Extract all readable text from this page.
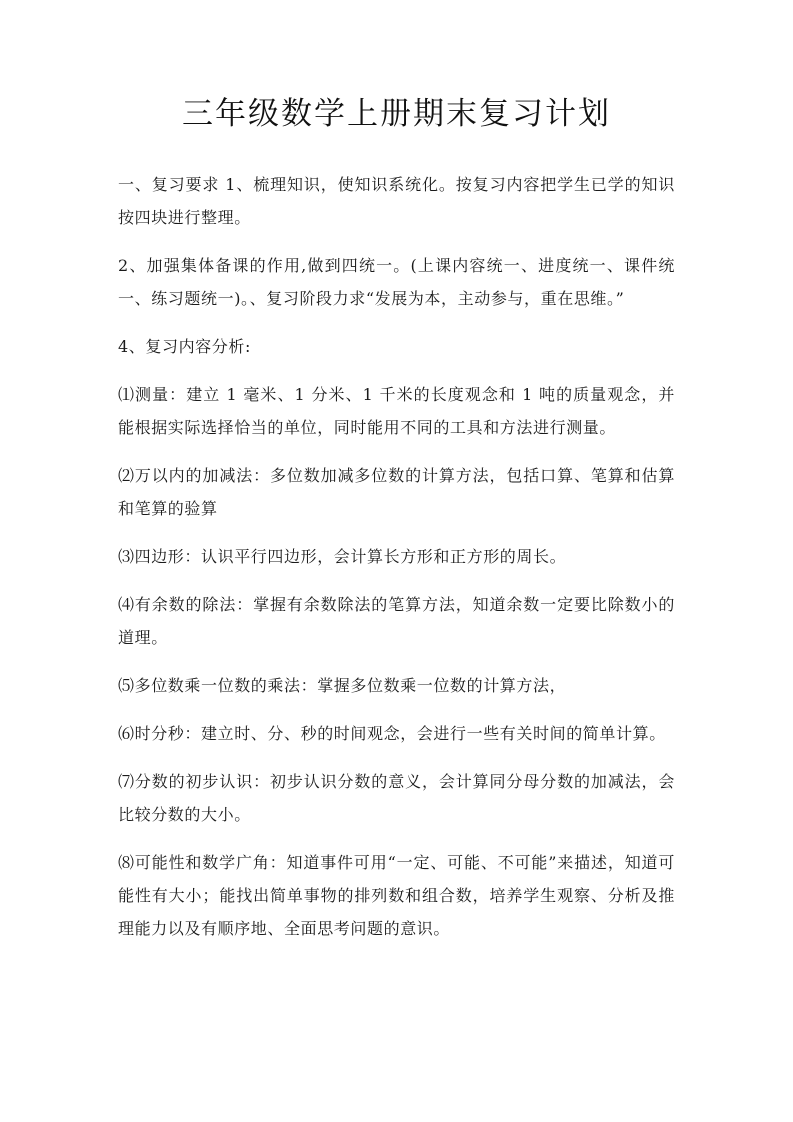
三年级数学上册期末复习计划

一、复习要求 1、梳理知识，使知识系统化。按复习内容把学生已学的知识按四块进行整理。

2、加强集体备课的作用,做到四统一。(上课内容统一、进度统一、课件统一、练习题统一)。、复习阶段力求“发展为本，主动参与，重在思维。”

4、复习内容分析:

⑴测量：建立 1 毫米、1 分米、1 千米的长度观念和 1 吨的质量观念，并能根据实际选择恰当的单位，同时能用不同的工具和方法进行测量。

⑵万以内的加减法：多位数加减多位数的计算方法，包括口算、笔算和估算和笔算的验算

⑶四边形：认识平行四边形，会计算长方形和正方形的周长。

⑷有余数的除法：掌握有余数除法的笔算方法，知道余数一定要比除数小的道理。

⑸多位数乘一位数的乘法：掌握多位数乘一位数的计算方法，

⑹时分秒：建立时、分、秒的时间观念，会进行一些有关时间的简单计算。

⑺分数的初步认识：初步认识分数的意义，会计算同分母分数的加减法，会比较分数的大小。

⑻可能性和数学广角：知道事件可用“一定、可能、不可能”来描述，知道可能性有大小；能找出简单事物的排列数和组合数，培养学生观察、分析及推理能力以及有顺序地、全面思考问题的意识。
